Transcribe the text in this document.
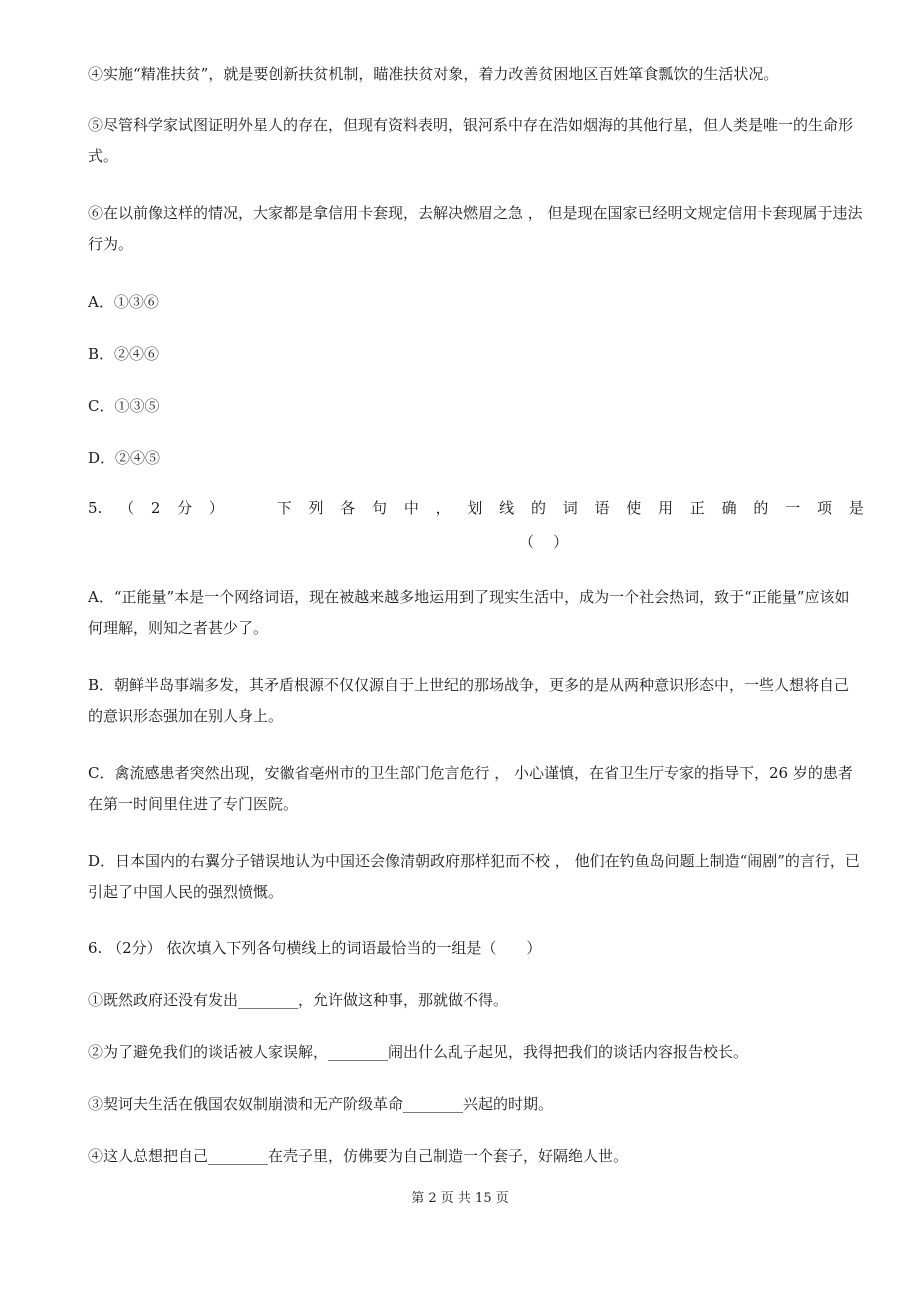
④实施“精准扶贫”，就是要创新扶贫机制，瞄准扶贫对象，着力改善贫困地区百姓箪食瓢饮的生活状况。
⑤尽管科学家试图证明外星人的存在，但现有资料表明，银河系中存在浩如烟海的其他行星，但人类是唯一的生命形式。
⑥在以前像这样的情况，大家都是拿信用卡套现，去解决燃眉之急 ， 但是现在国家已经明文规定信用卡套现属于违法行为。
A．①③⑥
B．②④⑥
C．①③⑤
D．②④⑤
5. （ 2 分 ）	下 列 各 句 中 ， 划 线 的 词 语 使 用 正 确 的 一 项 是
（    ）
A．“正能量”本是一个网络词语，现在被越来越多地运用到了现实生活中，成为一个社会热词，致于“正能量”应该如何理解，则知之者甚少了。
B．朝鲜半岛事端多发，其矛盾根源不仅仅源自于上世纪的那场战争，更多的是从两种意识形态中，一些人想将自己的意识形态强加在别人身上。
C．禽流感患者突然出现，安徽省亳州市的卫生部门危言危行 ， 小心谨慎，在省卫生厅专家的指导下，26 岁的患者在第一时间里住进了专门医院。
D．日本国内的右翼分子错误地认为中国还会像清朝政府那样犯而不校 ， 他们在钓鱼岛问题上制造“闹剧”的言行，已引起了中国人民的强烈愤慨。
6. （2分） 依次填入下列各句横线上的词语最恰当的一组是（　　）
①既然政府还没有发出________，允许做这种事，那就做不得。
②为了避免我们的谈话被人家误解，________闹出什么乱子起见，我得把我们的谈话内容报告校长。
③契诃夫生活在俄国农奴制崩溃和无产阶级革命________兴起的时期。
④这人总想把自己________在壳子里，仿佛要为自己制造一个套子，好隔绝人世。
第 2 页 共 15 页
